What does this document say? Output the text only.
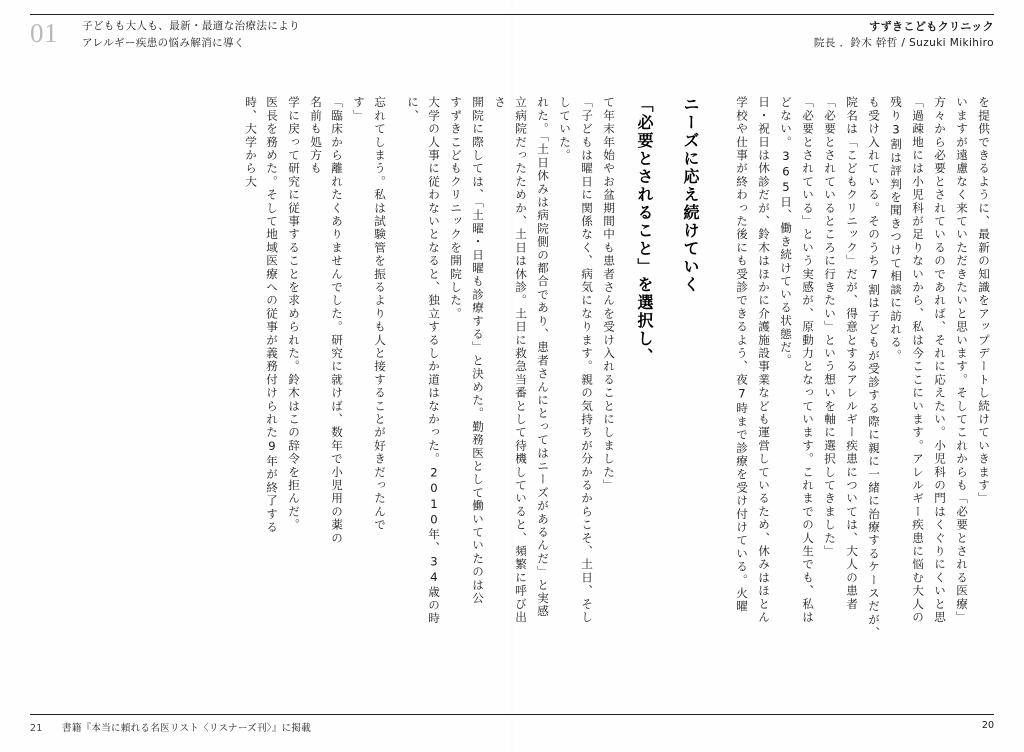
01 子どもも大人も、最新・最適な治療法により
アレルギー疾患の悩み解消に導く
すずきこどもクリニック
院長 ．鈴木 幹哲 / Suzuki Mikihiro
医長を務めた。そして地域医療への従事が義務付けられた9年が終了する時、大学から大	学に戻って研究に従事することを求められた。鈴木はこの辞令を拒んだ。	「臨床から離れたくありませんでした。研究に就けば、数年で小児用の薬の名前も処方も	忘れてしまう。私は試験管を振るよりも人と接することが好きだったんです」	大学の人事に従わないとなると、独立するしか道はなかった。2010年、34歳の時に、	すずきこどもクリニックを開院した。 開院に際しては、「土曜・日曜も診療する」と決めた。勤務医として働いていたのは公	立病院だったためか、土日は休診。土日に救急当番として待機していると、頻繁に呼び出さ	れた。「土日休みは病院側の都合であり、患者さんにとってはニーズがあるんだ」と実感 していた。 「子どもは曜日に関係なく、病気になります。親の気持ちが分かるからこそ、土日、そし て年末年始やお盆期間中も患者さんを受け入れることにしました」	「必要とされること」を選択し、	ニーズに応え続けていく	学校や仕事が終わった後にも受診できるよう、夜7時まで診療を受け付けている。火曜 日・祝日は休診だが、鈴木はほかに介護施設事業なども運営しているため、休みはほとん どない。365日、働き続けている状態だ。 「必要とされている」という実感が、原動力となっています。これまでの人生でも、私は 「必要とされているところに行きたい」という想いを軸に選択してきました」 院名は「こどもクリニック」だが、得意とするアレルギー疾患については、大人の患者 も受け入れている。そのうち7割は子どもが受診する際に親に一緒に治療するケースだが、 残り3割は評判を聞きつけて相談に訪れる。 「過疎地には小児科が足りないから、私は今ここにいます。アレルギー疾患に悩む大人の 方々から必要とされているのであれば、それに応えたい。小児科の門はくぐりにくいと思 いますが遠慮なく来ていただきたいと思います。そしてこれからも「必要とされる医療」 を提供できるように、最新の知識をアップデートし続けていきます」
21 書籍『本当に頼れる名医リスト〈リスナーズ刊〉』に掲載	20
